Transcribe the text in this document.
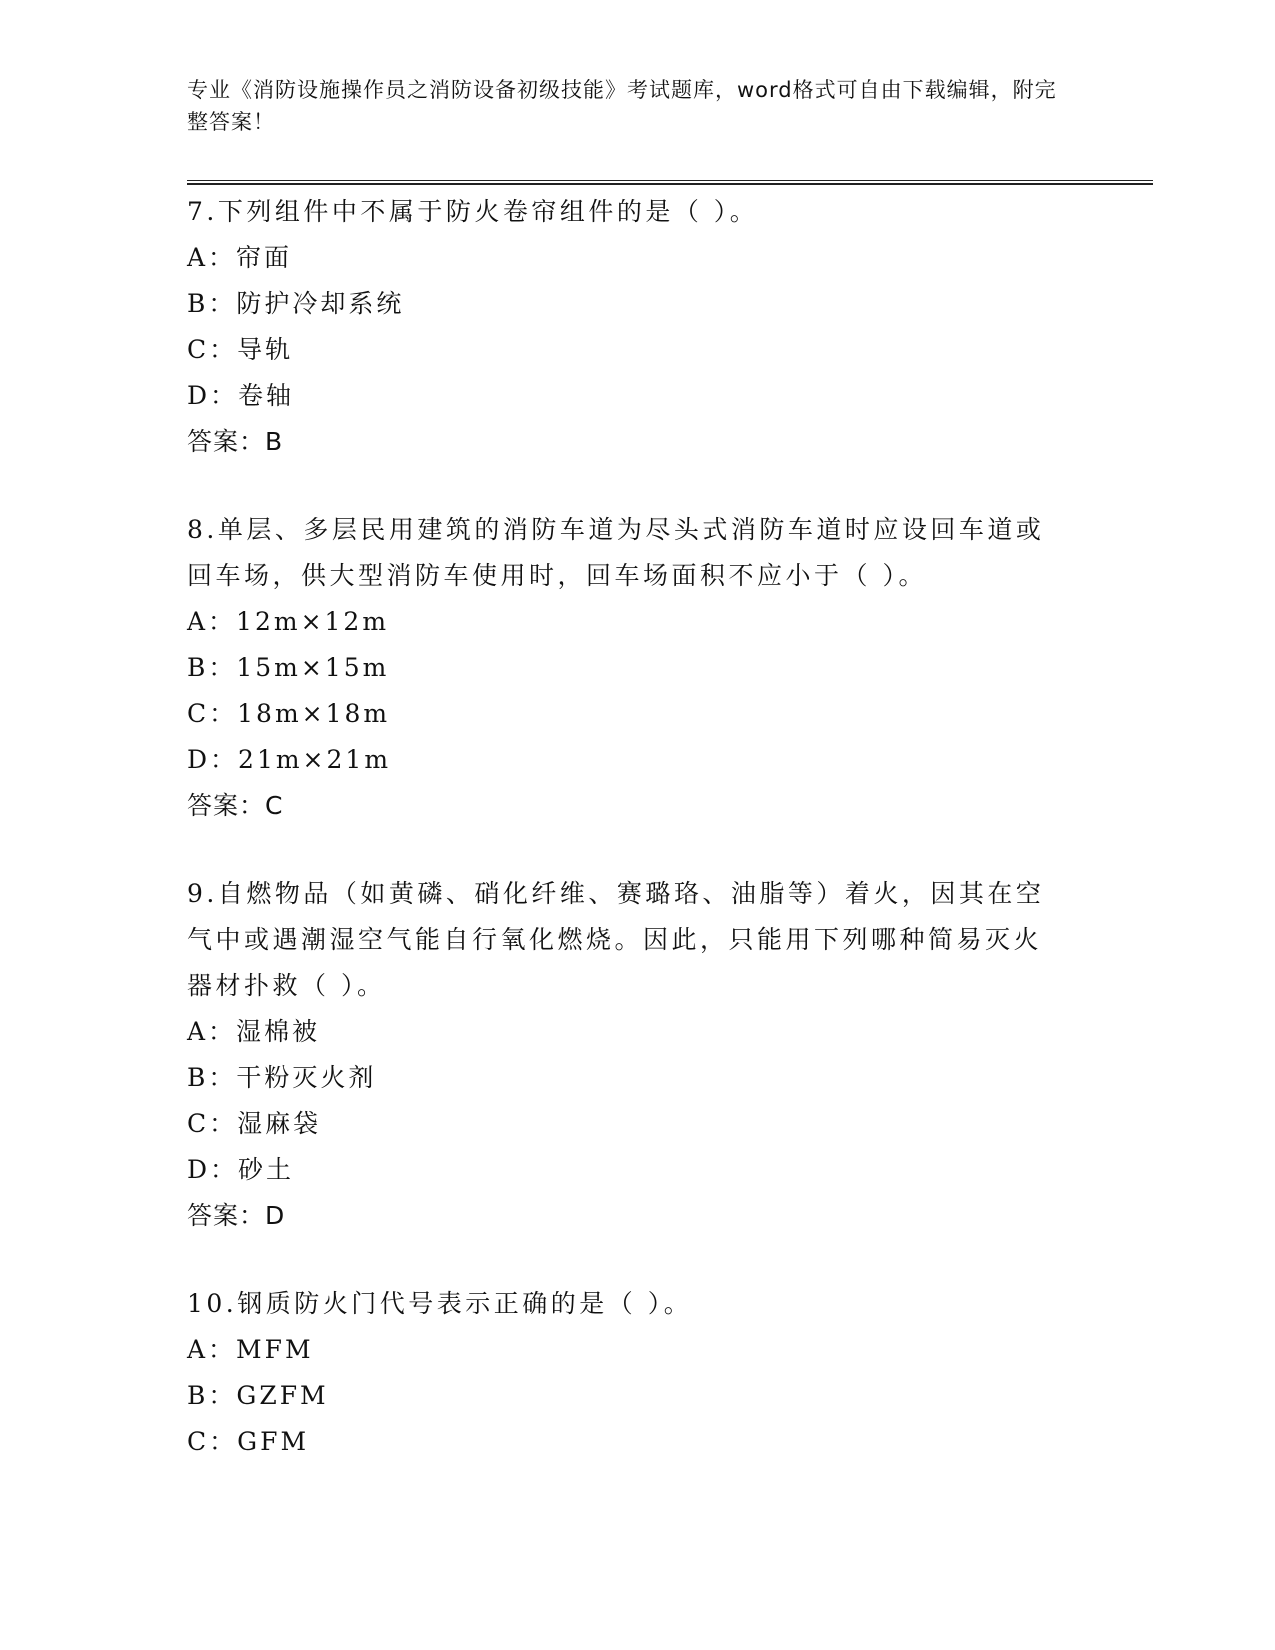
专业《消防设施操作员之消防设备初级技能》考试题库，word格式可自由下载编辑，附完整答案！

7.下列组件中不属于防火卷帘组件的是（ ）。

A：帘面

B：防护冷却系统

C：导轨

D：卷轴

答案：B

8.单层、多层民用建筑的消防车道为尽头式消防车道时应设回车道或回车场，供大型消防车使用时，回车场面积不应小于（ ）。

A：12m×12m

B：15m×15m

C：18m×18m

D：21m×21m

答案：C

9.自燃物品（如黄磷、硝化纤维、赛璐珞、油脂等）着火，因其在空气中或遇潮湿空气能自行氧化燃烧。因此，只能用下列哪种简易灭火器材扑救（ ）。

A：湿棉被

B：干粉灭火剂

C：湿麻袋

D：砂土

答案：D

10.钢质防火门代号表示正确的是（ ）。

A：MFM

B：GZFM

C：GFM
